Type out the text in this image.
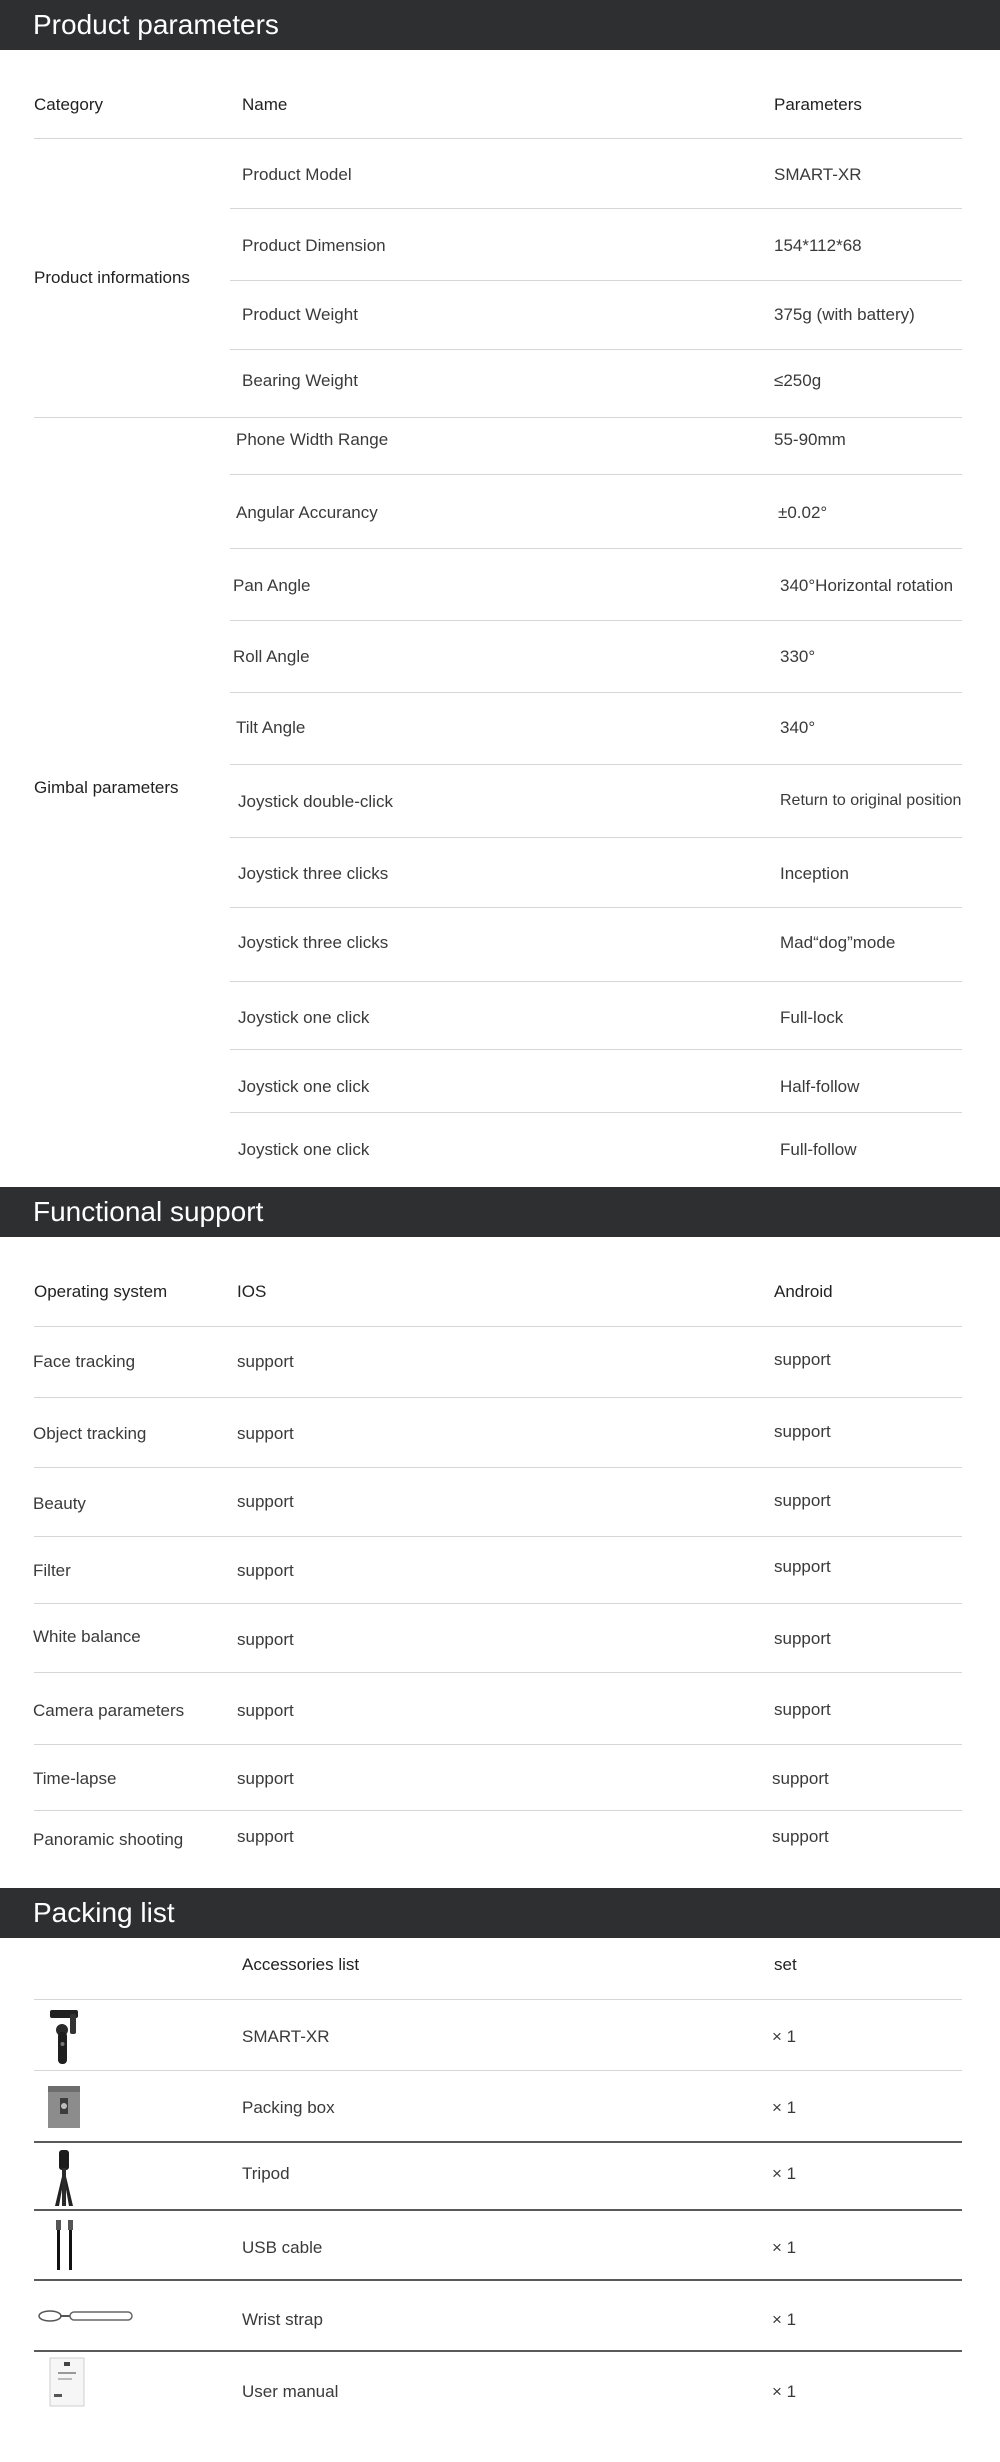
Product parameters
Category	Name	Parameters
Product informations
Product Model	SMART-XR
Product Dimension	154*112*68
Product Weight	375g (with battery)
Bearing Weight	≤250g
Gimbal parameters
Phone Width Range	55-90mm
Angular Accurancy	±0.02°
Pan Angle	340°Horizontal rotation
Roll Angle	330°
Tilt Angle	340°
Joystick double-click	Return to original position
Joystick three clicks	Inception
Joystick three clicks	Mad“dog”mode
Joystick one click	Full-lock
Joystick one click	Half-follow
Joystick one click	Full-follow
Functional support
Operating system	IOS	Android
Face tracking	support	support
Object tracking	support	support
Beauty	support	support
Filter	support	support
White balance	support	support
Camera parameters	support	support
Time-lapse	support	support
Panoramic shooting	support	support
Packing list
Accessories list	set
SMART-XR	× 1
Packing box	× 1
Tripod	× 1
USB cable	× 1
Wrist strap	× 1
User manual	× 1
